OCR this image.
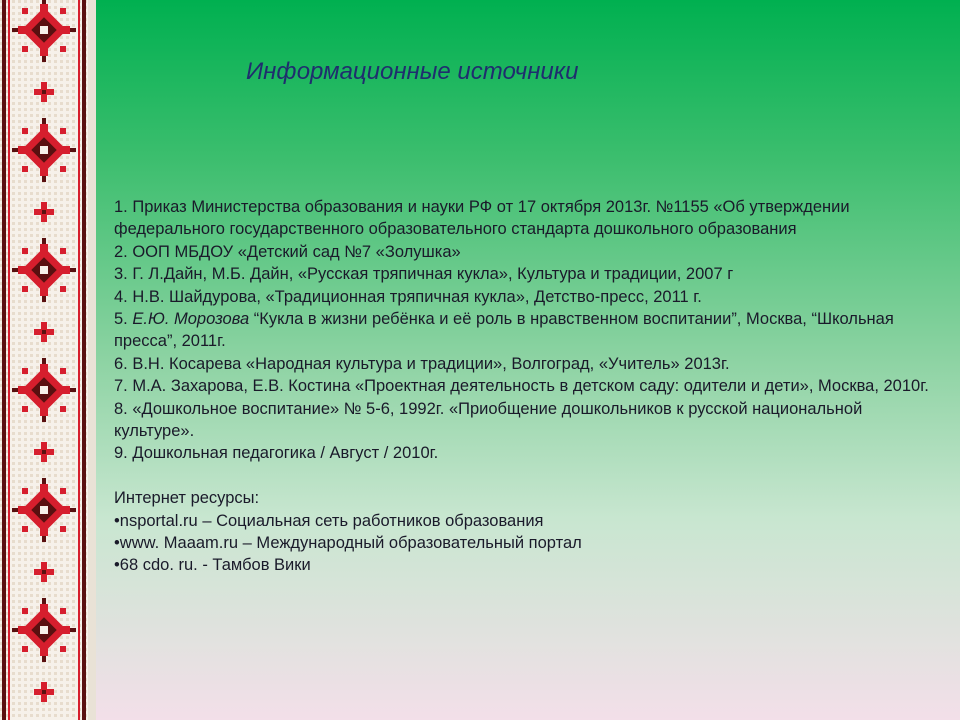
Информационные источники

1. Приказ Министерства образования и науки РФ от 17 октября 2013г. №1155 «Об утверждении федерального государственного образовательного стандарта дошкольного образования

2. ООП МБДОУ «Детский сад №7 «Золушка»

3. Г. Л.Дайн, М.Б. Дайн, «Русская тряпичная кукла», Культура и традиции, 2007 г

4. Н.В. Шайдурова, «Традиционная тряпичная кукла», Детство-пресс, 2011 г.

5. Е.Ю. Морозова “Кукла в жизни ребёнка и её роль в нравственном воспитании”, Москва, “Школьная пресса”, 2011г.

6. В.Н. Косарева «Народная культура и традиции», Волгоград, «Учитель» 2013г.

7. М.А. Захарова, Е.В. Костина «Проектная деятельность в детском саду: одители и дети», Москва, 2010г.

8. «Дошкольное воспитание» № 5-6, 1992г. «Приобщение дошкольников к русской национальной культуре».

9. Дошкольная педагогика / Август / 2010г.

Интернет ресурсы:

•nsportal.ru – Социальная сеть работников образования

•www. Maaam.ru – Международный образовательный портал

•68 cdo. ru. - Тамбов Вики
